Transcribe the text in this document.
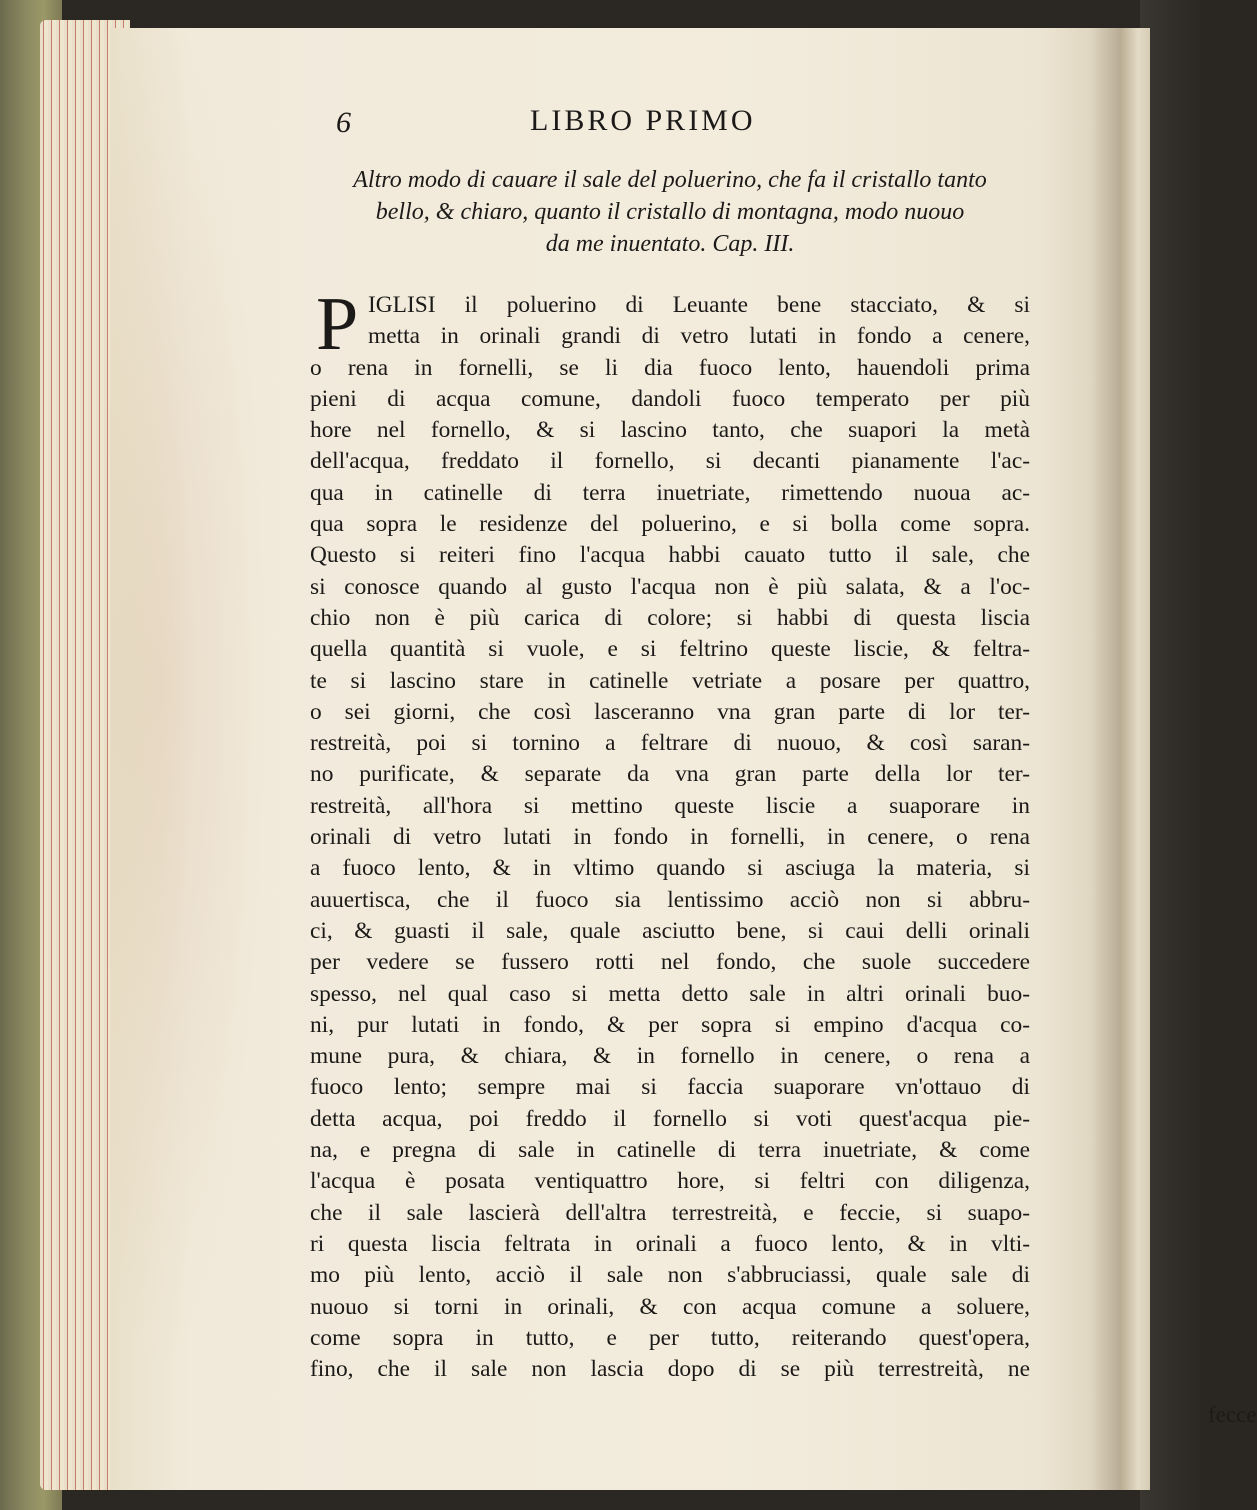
6	LIBRO PRIMO
Altro modo di cauare il sale del poluerino, che fa il cristallo tanto
bello, & chiaro, quanto il cristallo di montagna, modo nuouo
da me inuentato. Cap. III.
P IGLISI il poluerino di Leuante bene stacciato, & si
metta in orinali grandi di vetro lutati in fondo a cenere,
o rena in fornelli, se li dia fuoco lento, hauendoli prima
pieni di acqua comune, dandoli fuoco temperato per più
hore nel fornello, & si lascino tanto, che suapori la metà
dell'acqua, freddato il fornello, si decanti pianamente l'ac-
qua in catinelle di terra inuetriate, rimettendo nuoua ac-
qua sopra le residenze del poluerino, e si bolla come sopra.
Questo si reiteri fino l'acqua habbi cauato tutto il sale, che
si conosce quando al gusto l'acqua non è più salata, & a l'oc-
chio non è più carica di colore; si habbi di questa liscia
quella quantità si vuole, e si feltrino queste liscie, & feltra-
te si lascino stare in catinelle vetriate a posare per quattro,
o sei giorni, che così lasceranno vna gran parte di lor ter-
restreità, poi si tornino a feltrare di nuouo, & così saran-
no purificate, & separate da vna gran parte della lor ter-
restreità, all'hora si mettino queste liscie a suaporare in
orinali di vetro lutati in fondo in fornelli, in cenere, o rena
a fuoco lento, & in vltimo quando si asciuga la materia, si
auuertisca, che il fuoco sia lentissimo acciò non si abbru-
ci, & guasti il sale, quale asciutto bene, si caui delli orinali
per vedere se fussero rotti nel fondo, che suole succedere
spesso, nel qual caso si metta detto sale in altri orinali buo-
ni, pur lutati in fondo, & per sopra si empino d'acqua co-
mune pura, & chiara, & in fornello in cenere, o rena a
fuoco lento; sempre mai si faccia suaporare vn'ottauo di
detta acqua, poi freddo il fornello si voti quest'acqua pie-
na, e pregna di sale in catinelle di terra inuetriate, & come
l'acqua è posata ventiquattro hore, si feltri con diligenza,
che il sale lascierà dell'altra terrestreità, e feccie, si suapo-
ri questa liscia feltrata in orinali a fuoco lento, & in vlti-
mo più lento, acciò il sale non s'abbruciassi, quale sale di
nuouo si torni in orinali, & con acqua comune a soluere,
come sopra in tutto, e per tutto, reiterando quest'opera,
fino, che il sale non lascia dopo di se più terrestreità, ne
fecce
